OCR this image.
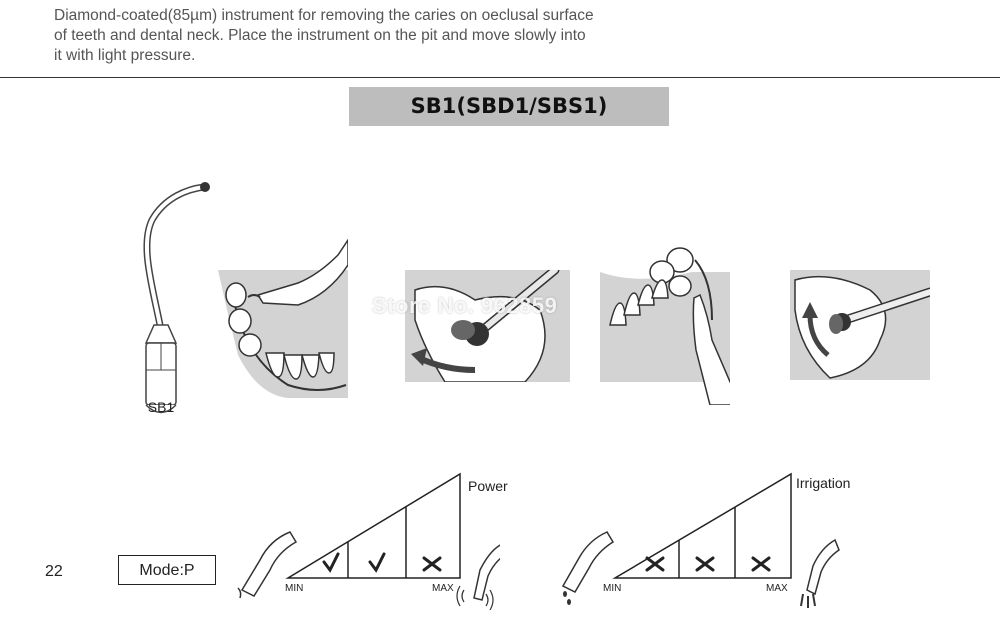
Diamond-coated(85µm) instrument for removing the caries on oeclusal surface
of teeth and dental neck. Place the instrument on the pit and move slowly into
it with light pressure.
SB1(SBD1/SBS1)
SB1
Store No. 962859
22	Mode:P
Power
MIN	MAX
Irrigation
MIN	MAX
